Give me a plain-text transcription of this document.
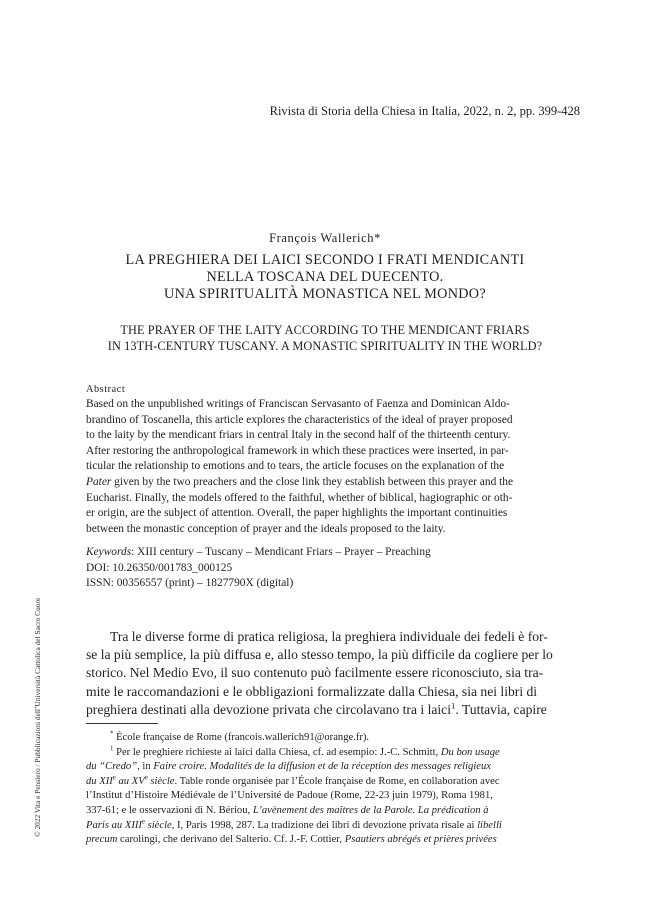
Rivista di Storia della Chiesa in Italia, 2022, n. 2, pp. 399-428
François Wallerich*
LA PREGHIERA DEI LAICI SECONDO I FRATI MENDICANTI
NELLA TOSCANA DEL DUECENTO.
UNA SPIRITUALITÀ MONASTICA NEL MONDO?
THE PRAYER OF THE LAITY ACCORDING TO THE MENDICANT FRIARS
IN 13TH-CENTURY TUSCANY. A MONASTIC SPIRITUALITY IN THE WORLD?
Abstract
Based on the unpublished writings of Franciscan Servasanto of Faenza and Dominican Aldo-
brandino of Toscanella, this article explores the characteristics of the ideal of prayer proposed
to the laity by the mendicant friars in central Italy in the second half of the thirteenth century.
After restoring the anthropological framework in which these practices were inserted, in par-
ticular the relationship to emotions and to tears, the article focuses on the explanation of the
Pater given by the two preachers and the close link they establish between this prayer and the
Eucharist. Finally, the models offered to the faithful, whether of biblical, hagiographic or oth-
er origin, are the subject of attention. Overall, the paper highlights the important continuities
between the monastic conception of prayer and the ideals proposed to the laity.
Keywords: XIII century – Tuscany – Mendicant Friars – Prayer – Preaching
DOI: 10.26350/001783_000125
ISSN: 00356557 (print) – 1827790X (digital)
Tra le diverse forme di pratica religiosa, la preghiera individuale dei fedeli è for-
se la più semplice, la più diffusa e, allo stesso tempo, la più difficile da cogliere per lo
storico. Nel Medio Evo, il suo contenuto può facilmente essere riconosciuto, sia tra-
mite le raccomandazioni e le obbligazioni formalizzate dalla Chiesa, sia nei libri di
preghiera destinati alla devozione privata che circolavano tra i laici$^1$. Tuttavia, capire
* École française de Rome (francois.wallerich91@orange.fr).
$^1$ Per le preghiere richieste ai laici dalla Chiesa, cf. ad esempio: J.-C. Schmitt, Du bon usage
du “Credo”, in Faire croire. Modalités de la diffusion et de la réception des messages religieux
du XIIe au XVe siècle. Table ronde organisée par l’École française de Rome, en collaboration avec
l’Institut d’Histoire Médiévale de l’Université de Padoue (Rome, 22-23 juin 1979), Roma 1981,
337-61; e le osservazioni di N. Bériou, L’avènement des maîtres de la Parole. La prédication à
Paris au XIIIe siècle, I, Paris 1998, 287. La tradizione dei libri di devozione privata risale ai libelli
precum carolingi, che derivano del Salterio. Cf. J.-F. Cottier, Psautiers abrégés et prières privées
© 2022 Vita e Pensiero / Pubblicazioni dell’Università Cattolica del Sacro Cuore
